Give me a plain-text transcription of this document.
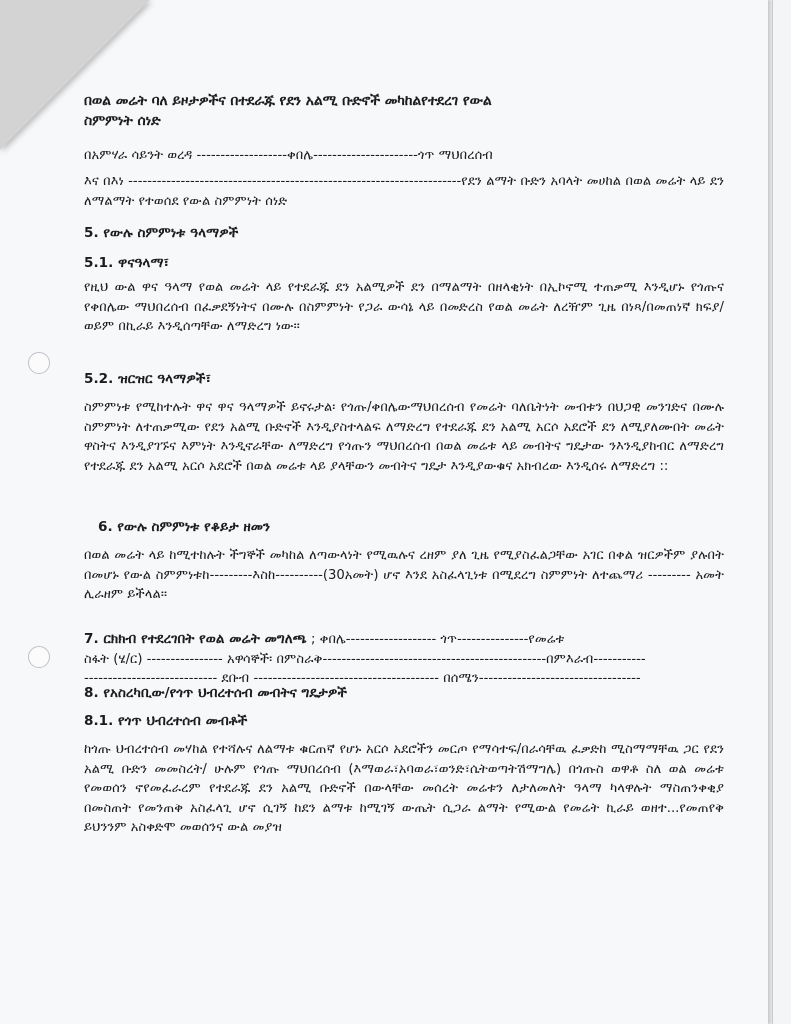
በወል መሬት ባለ ይዞታዎችና በተደራጁ የደን አልሚ ቡድኖች መካከልየተደረገ የውል
ስምምነት ሰነድ
በአምሃራ ሳይንት ወረዳ -------------------ቀበሌ----------------------ጎጥ ማህበረሰብ
እና በእነ ----------------------------------------------------------------------የደን ልማት ቡድን አባላት መሀከል በወል መሬት ላይ ደን ለማልማት የተወሰደ የውል ስምምነት ሰነድ
5. የውሉ ስምምነቱ ዓላማዎች
5.1. ዋናዓላማ፣
የዚህ ውል ዋና ዓላማ የወል መሬት ላይ የተደራጁ ደን አልሚዎች ደን በማልማት በዘላቂነት በኢኮኖሚ ተጠቃሚ እንዲሆኑ የጎጡና የቀበሌው ማህበረሰብ በፈቃደኝነትና በሙሉ በስምምነት የጋራ ውሳኔ ላይ በመድረስ የወል መሬት ለረዥም ጊዜ በነጻ/በመጠነኛ ክፍያ/ ወይም በኪራይ እንዲሰጣቸው ለማድረግ ነው፡፡
5.2. ዝርዝር ዓላማዎች፣
ስምምነቱ የሚከተሉት ዋና ዋና ዓላማዎች ይኖሩታል፡ የጎጡ/ቀበሌውማህበረሰብ የመሬት ባለቤትነት መብቱን በህጋዊ መንገድና በሙሉ ስምምነት ለተጠቃሚው የደን አልሚ ቡድኖች እንዲያስተላልፍ ለማድረግ የተደራጁ ደን አልሚ አርሶ አደሮች ደን ለሚያለሙበት መሬት ዋስትና እንዲያገኙና እምነት እንዲኖራቸው ለማድረግ የጎጡን ማህበረሰብ በወል መሬቱ ላይ መብትና ግዴታው ንእንዲያከብር ለማድረግ የተደራጁ ደን አልሚ አርሶ አደሮች በወል መሬቱ ላይ ያላቸውን መብትና ግዴታ እንዲያውቁና አክብረው እንዲሰሩ ለማድረግ ::
6. የውሉ ስምምነቱ የቆይታ ዘመን
በወል መሬት ላይ ከሚተከሉት ችግኞች መካከል ለጣውላነት የሚዉሉና ረዘም ያለ ጊዜ የሚያስፈልጋቸው አገር በቀል ዝርዎችም ያሉበት በመሆኑ የውል ስምምነቱከ---------እስከ----------(30አመት) ሆኖ እንደ አስፈላጊነቱ በሚደረግ ስምምነት ለተጨማሪ --------- አመት ሊራዘም ይችላል፡፡
7. ርክክብ የተደረገበት የወል መሬት መግለጫ ; ቀበሌ------------------- ጎጥ---------------የመሬቱ
ስፋት (ሄ/ር) ---------------- አዋሳኞች፡ በምስራቅ-----------------------------------------------በምእራብ-----------
---------------------------- ደቡብ --------------------------------------- በሰሜን----------------------------------
8. የአስረካቢው/የጎጥ ህብረተሰብ መብትና ግዴታዎች
8.1. የጎጥ ህብረተሰብ መብቶች
ከጎጡ ህብረተሰብ መሃከል የተሻሉና ለልማቱ ቁርጠኛ የሆኑ አርሶ አደሮችን መርጦ የማሳተፍ/በራሳቸዉ ፈቃድከ ሚስማማቸዉ ጋር የደን አልሚ ቡድን መመስረት/ ሁሉም የጎጡ ማህበረሰብ (እማወራ፣አባወራ፣ወንድ፣ሴትወጣትሽማግሌ) በጎጡስ ወዋቶ ስለ ወል መሬቱ የመወሰን ኖየመፈራረም የተደራጁ ደን አልሚ ቡድኖች በውላቸው መሰረት መሬቱን ለታለመለት ዓላማ ካላዋሉት ማስጠንቀቂያ በመስጠት የመንጠቅ አስፈላጊ ሆኖ ሲገኝ ከደን ልማቱ ከሚገኝ ውጤት ሲጋራ ልማት የሚውል የመሬት ኪራይ ወዘተ...የመጠየቅ ይህንንም አስቀድሞ መወሰንና ውል መያዝ
